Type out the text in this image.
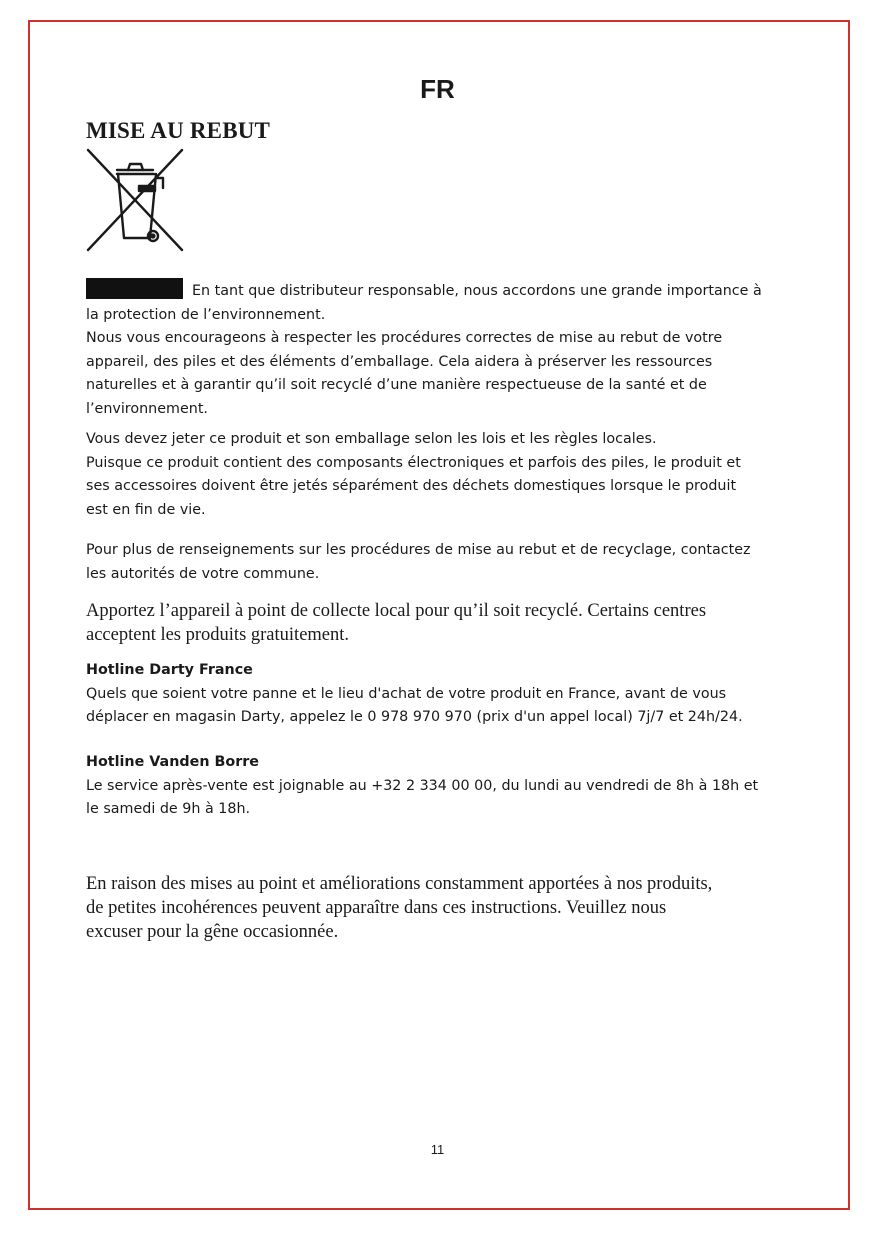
FR
MISE AU REBUT
En tant que distributeur responsable, nous accordons une grande importance à
la protection de l’environnement.
Nous vous encourageons à respecter les procédures correctes de mise au rebut de votre
appareil, des piles et des éléments d’emballage. Cela aidera à préserver les ressources
naturelles et à garantir qu’il soit recyclé d’une manière respectueuse de la santé et de
l’environnement.
Vous devez jeter ce produit et son emballage selon les lois et les règles locales.
Puisque ce produit contient des composants électroniques et parfois des piles, le produit et
ses accessoires doivent être jetés séparément des déchets domestiques lorsque le produit
est en fin de vie.
Pour plus de renseignements sur les procédures de mise au rebut et de recyclage, contactez
les autorités de votre commune.
Apportez l’appareil à point de collecte local pour qu’il soit recyclé. Certains centres
acceptent les produits gratuitement.
Hotline Darty France
Quels que soient votre panne et le lieu d'achat de votre produit en France, avant de vous
déplacer en magasin Darty, appelez le 0 978 970 970 (prix d'un appel local) 7j/7 et 24h/24.
Hotline Vanden Borre
Le service après-vente est joignable au +32 2 334 00 00, du lundi au vendredi de 8h à 18h et
le samedi de 9h à 18h.
En raison des mises au point et améliorations constamment apportées à nos produits,
de petites incohérences peuvent apparaître dans ces instructions. Veuillez nous
excuser pour la gêne occasionnée.
11
